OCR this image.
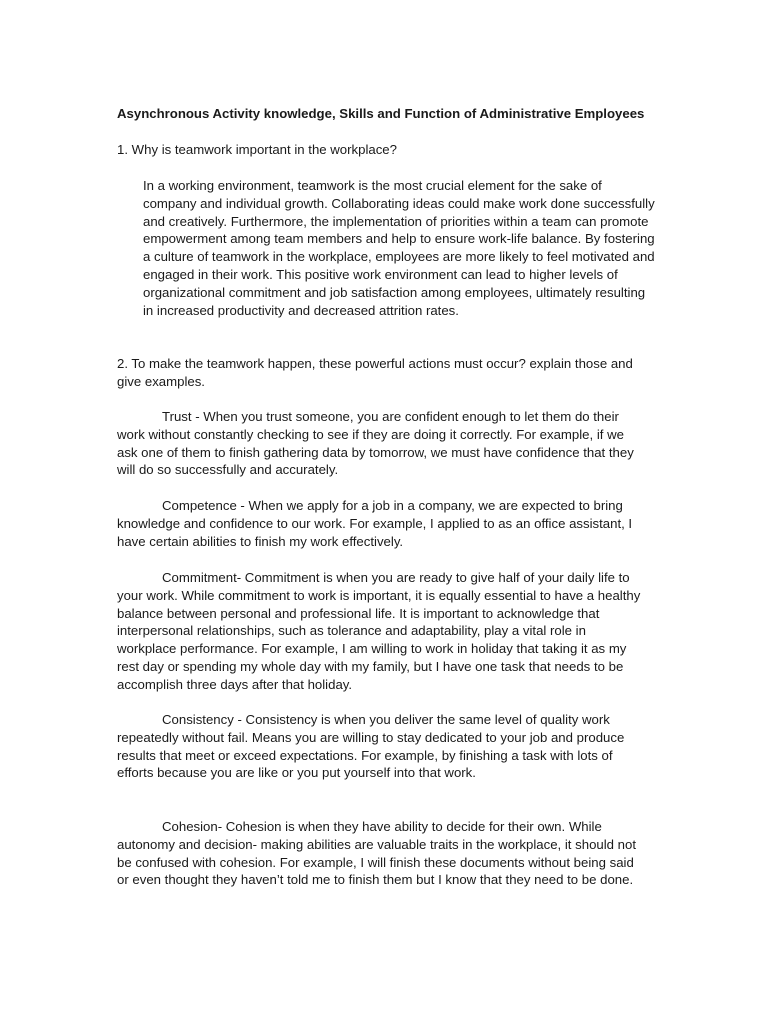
Asynchronous Activity knowledge, Skills and Function of Administrative Employees
1. Why is teamwork important in the workplace?
In a working environment, teamwork is the most crucial element for the sake of company and individual growth. Collaborating ideas could make work done successfully and creatively. Furthermore, the implementation of priorities within a team can promote empowerment among team members and help to ensure work-life balance. By fostering a culture of teamwork in the workplace, employees are more likely to feel motivated and engaged in their work. This positive work environment can lead to higher levels of organizational commitment and job satisfaction among employees, ultimately resulting in increased productivity and decreased attrition rates.
2. To make the teamwork happen, these powerful actions must occur? explain those and give examples.
Trust - When you trust someone, you are confident enough to let them do their work without constantly checking to see if they are doing it correctly. For example, if we ask one of them to finish gathering data by tomorrow, we must have confidence that they will do so successfully and accurately.
Competence - When we apply for a job in a company, we are expected to bring knowledge and confidence to our work. For example, I applied to as an office assistant, I have certain abilities to finish my work effectively.
Commitment- Commitment is when you are ready to give half of your daily life to your work. While commitment to work is important, it is equally essential to have a healthy balance between personal and professional life. It is important to acknowledge that interpersonal relationships, such as tolerance and adaptability, play a vital role in workplace performance. For example, I am willing to work in holiday that taking it as my rest day or spending my whole day with my family, but I have one task that needs to be accomplish three days after that holiday.
Consistency - Consistency is when you deliver the same level of quality work repeatedly without fail. Means you are willing to stay dedicated to your job and produce results that meet or exceed expectations. For example, by finishing a task with lots of efforts because you are like or you put yourself into that work.
Cohesion- Cohesion is when they have ability to decide for their own. While autonomy and decision- making abilities are valuable traits in the workplace, it should not be confused with cohesion. For example, I will finish these documents without being said or even thought they haven’t told me to finish them but I know that they need to be done.
